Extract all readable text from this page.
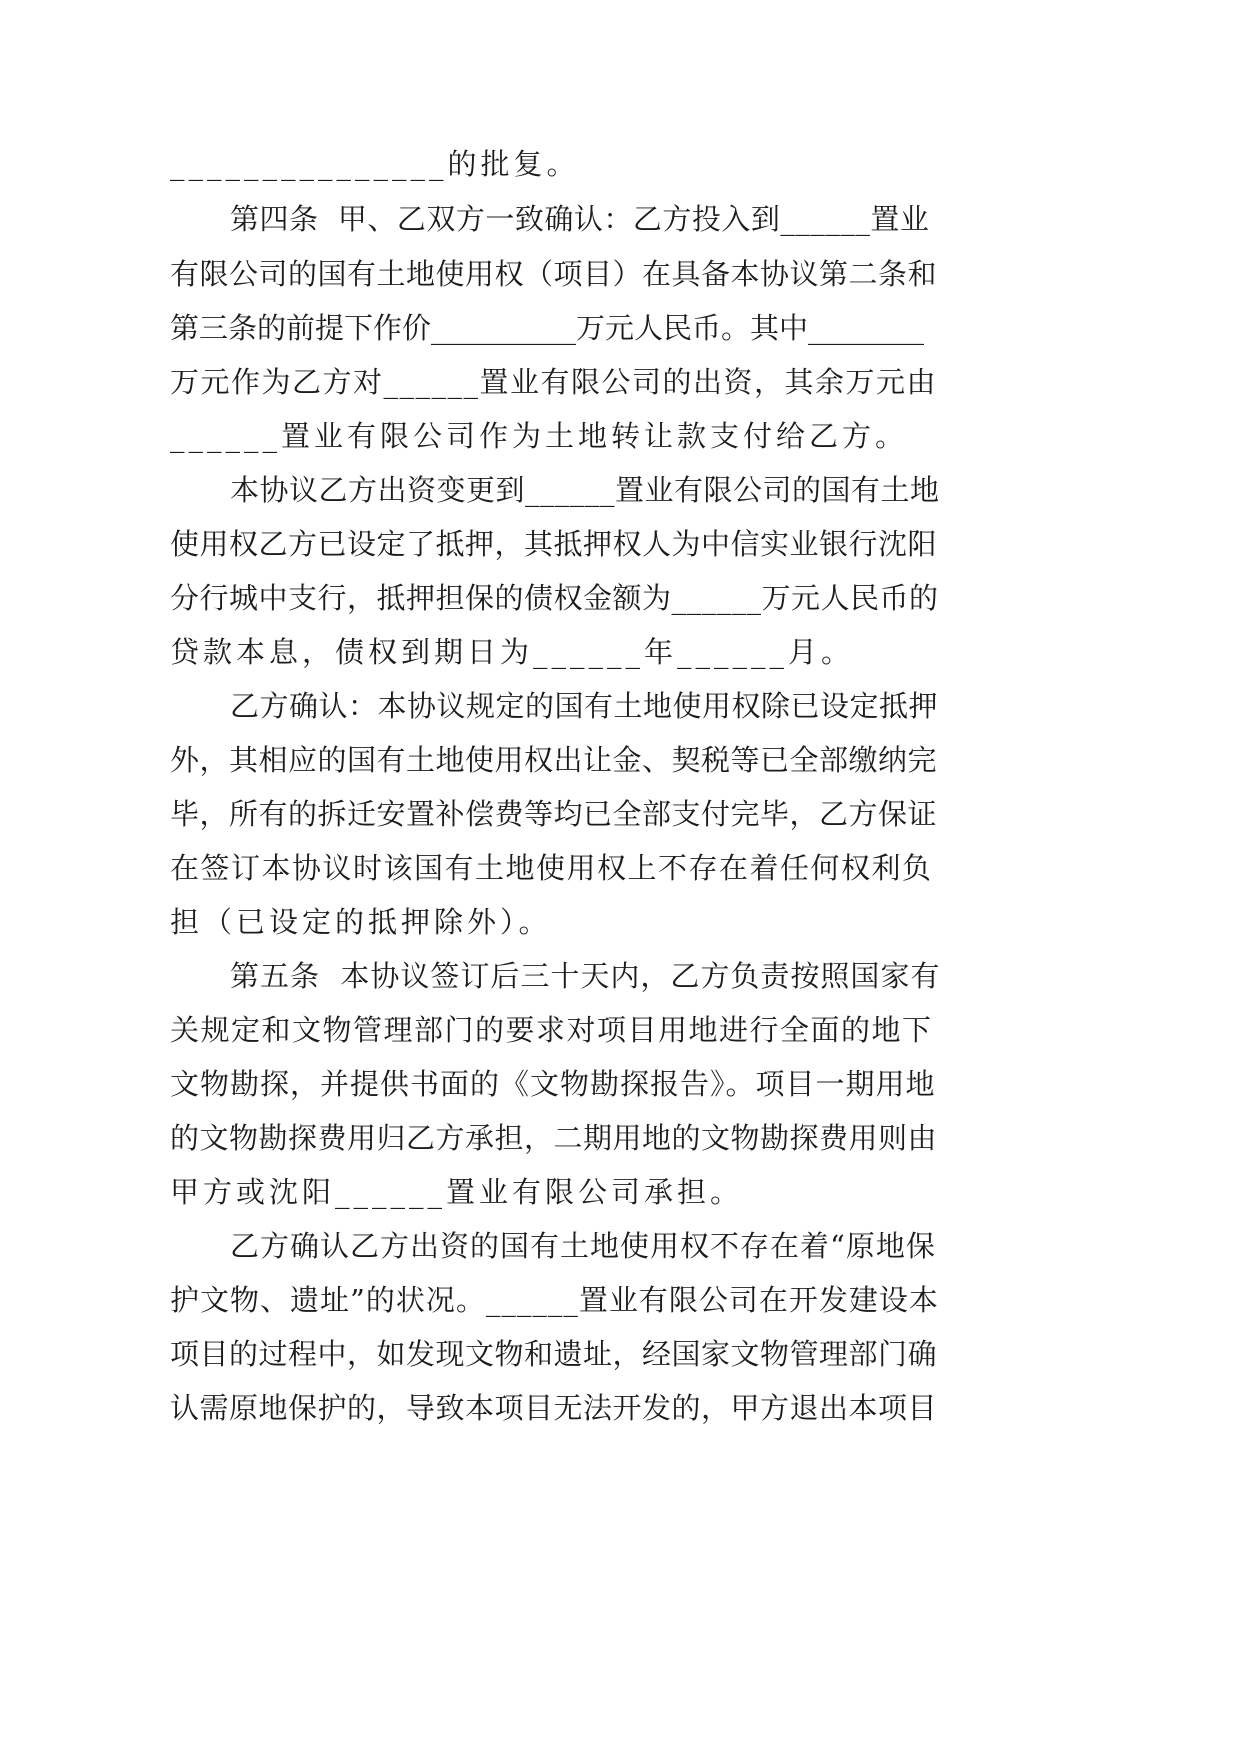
_______________的批复。
第四条  甲、乙双方一致确认：乙方投入到______置业
有限公司的国有土地使用权（项目）在具备本协议第二条和
第三条的前提下作价__________万元人民币。其中________
万元作为乙方对______置业有限公司的出资，其余万元由
______置业有限公司作为土地转让款支付给乙方。
本协议乙方出资变更到______置业有限公司的国有土地
使用权乙方已设定了抵押，其抵押权人为中信实业银行沈阳
分行城中支行，抵押担保的债权金额为______万元人民币的
贷款本息，债权到期日为______年______月。
乙方确认：本协议规定的国有土地使用权除已设定抵押
外，其相应的国有土地使用权出让金、契税等已全部缴纳完
毕，所有的拆迁安置补偿费等均已全部支付完毕，乙方保证
在签订本协议时该国有土地使用权上不存在着任何权利负
担（已设定的抵押除外）。
第五条  本协议签订后三十天内，乙方负责按照国家有
关规定和文物管理部门的要求对项目用地进行全面的地下
文物勘探，并提供书面的《文物勘探报告》。项目一期用地
的文物勘探费用归乙方承担，二期用地的文物勘探费用则由
甲方或沈阳______置业有限公司承担。
乙方确认乙方出资的国有土地使用权不存在着“原地保
护文物、遗址”的状况。______置业有限公司在开发建设本
项目的过程中，如发现文物和遗址，经国家文物管理部门确
认需原地保护的，导致本项目无法开发的，甲方退出本项目
